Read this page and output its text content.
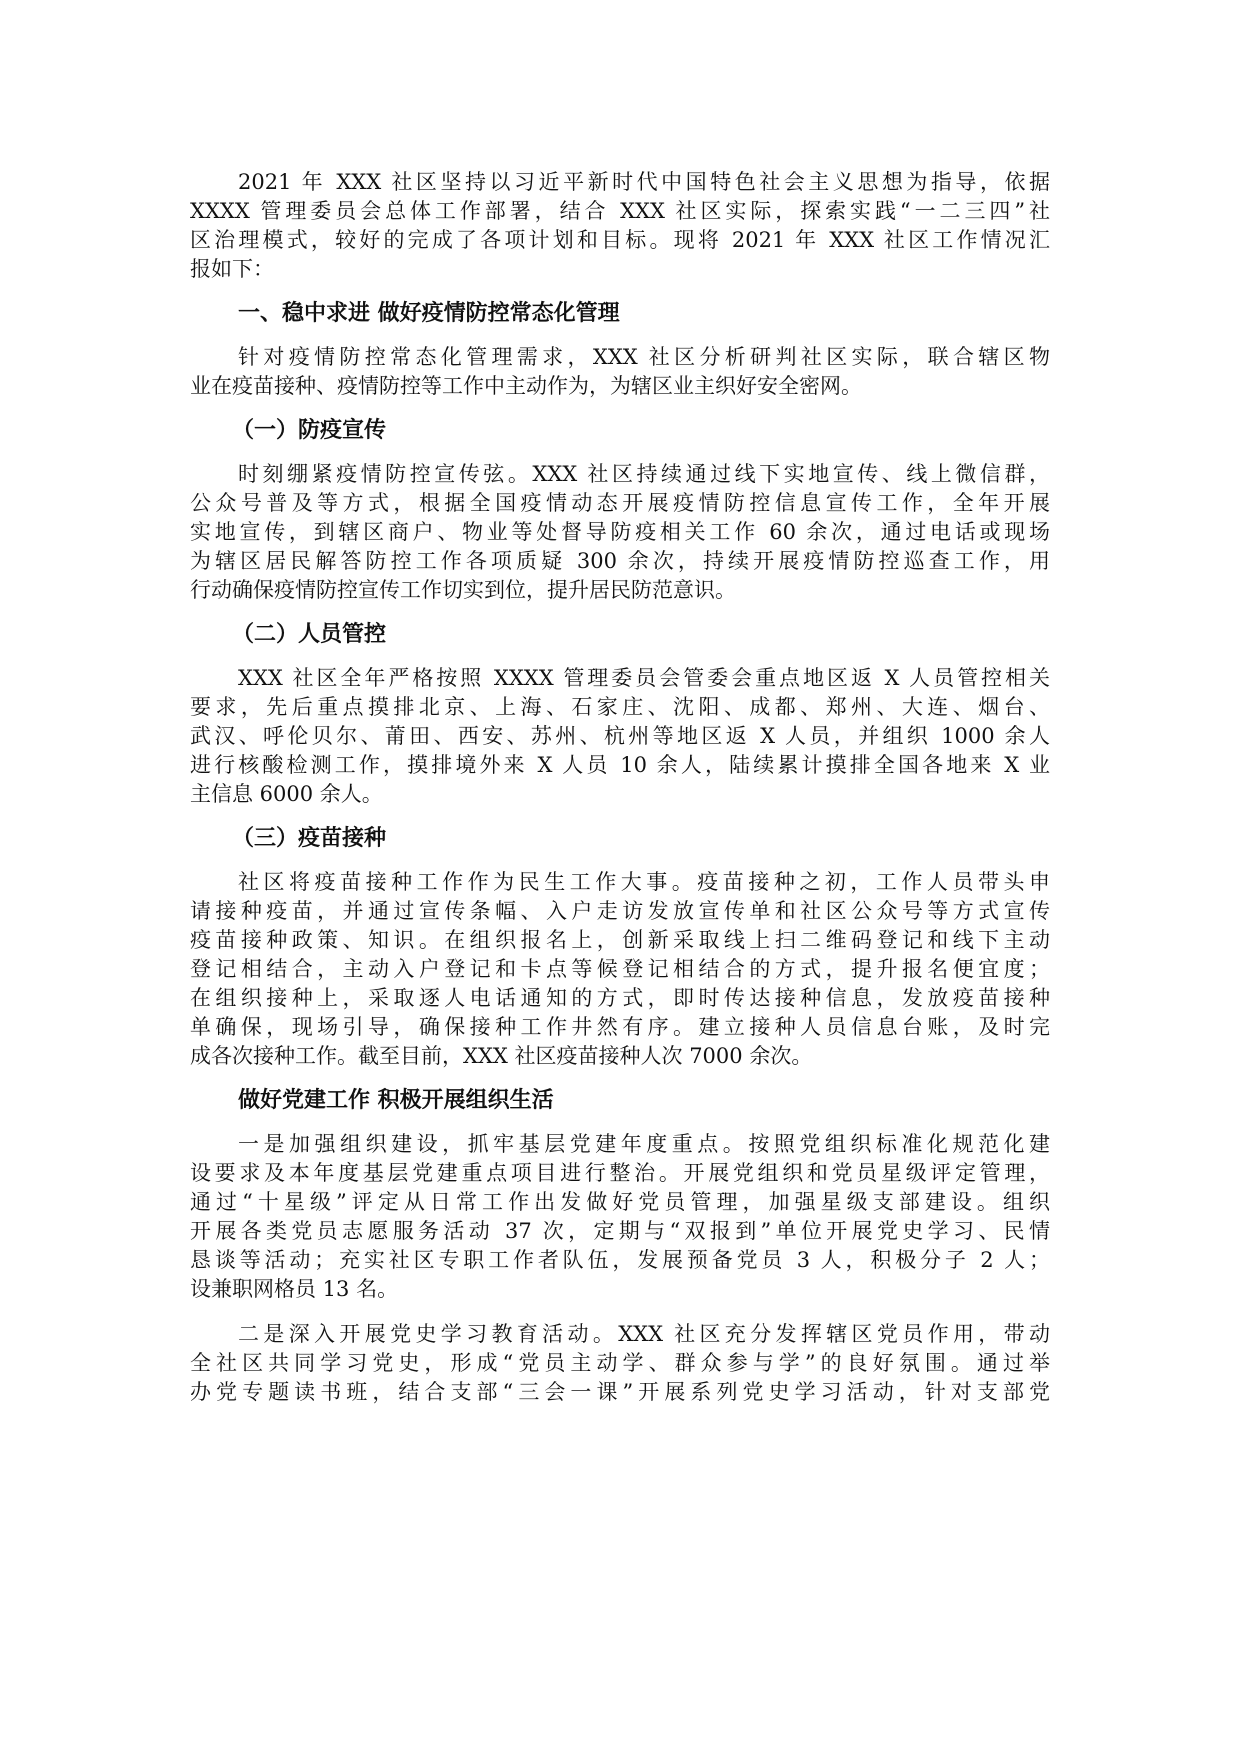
2021 年 XXX 社区坚持以习近平新时代中国特色社会主义思想为指导，依据
XXXX 管理委员会总体工作部署，结合 XXX 社区实际，探索实践“一二三四”社
区治理模式，较好的完成了各项计划和目标。现将 2021 年 XXX 社区工作情况汇
报如下：
一、稳中求进 做好疫情防控常态化管理
针对疫情防控常态化管理需求，XXX 社区分析研判社区实际，联合辖区物
业在疫苗接种、疫情防控等工作中主动作为，为辖区业主织好安全密网。
（一）防疫宣传
时刻绷紧疫情防控宣传弦。XXX 社区持续通过线下实地宣传、线上微信群，
公众号普及等方式，根据全国疫情动态开展疫情防控信息宣传工作，全年开展
实地宣传，到辖区商户、物业等处督导防疫相关工作 60 余次，通过电话或现场
为辖区居民解答防控工作各项质疑 300 余次，持续开展疫情防控巡查工作，用
行动确保疫情防控宣传工作切实到位，提升居民防范意识。
（二）人员管控
XXX 社区全年严格按照 XXXX 管理委员会管委会重点地区返 X 人员管控相关
要求，先后重点摸排北京、上海、石家庄、沈阳、成都、郑州、大连、烟台、
武汉、呼伦贝尔、莆田、西安、苏州、杭州等地区返 X 人员，并组织 1000 余人
进行核酸检测工作，摸排境外来 X 人员 10 余人，陆续累计摸排全国各地来 X 业
主信息 6000 余人。
（三）疫苗接种
社区将疫苗接种工作作为民生工作大事。疫苗接种之初，工作人员带头申
请接种疫苗，并通过宣传条幅、入户走访发放宣传单和社区公众号等方式宣传
疫苗接种政策、知识。在组织报名上，创新采取线上扫二维码登记和线下主动
登记相结合，主动入户登记和卡点等候登记相结合的方式，提升报名便宜度；
在组织接种上，采取逐人电话通知的方式，即时传达接种信息，发放疫苗接种
单确保，现场引导，确保接种工作井然有序。建立接种人员信息台账，及时完
成各次接种工作。截至目前，XXX 社区疫苗接种人次 7000 余次。
做好党建工作 积极开展组织生活
一是加强组织建设，抓牢基层党建年度重点。按照党组织标准化规范化建
设要求及本年度基层党建重点项目进行整治。开展党组织和党员星级评定管理，
通过“十星级”评定从日常工作出发做好党员管理，加强星级支部建设。组织
开展各类党员志愿服务活动 37 次，定期与“双报到”单位开展党史学习、民情
恳谈等活动；充实社区专职工作者队伍，发展预备党员 3 人，积极分子 2 人；
设兼职网格员 13 名。
二是深入开展党史学习教育活动。XXX 社区充分发挥辖区党员作用，带动
全社区共同学习党史，形成“党员主动学、群众参与学”的良好氛围。通过举
办党专题读书班，结合支部“三会一课”开展系列党史学习活动，针对支部党
